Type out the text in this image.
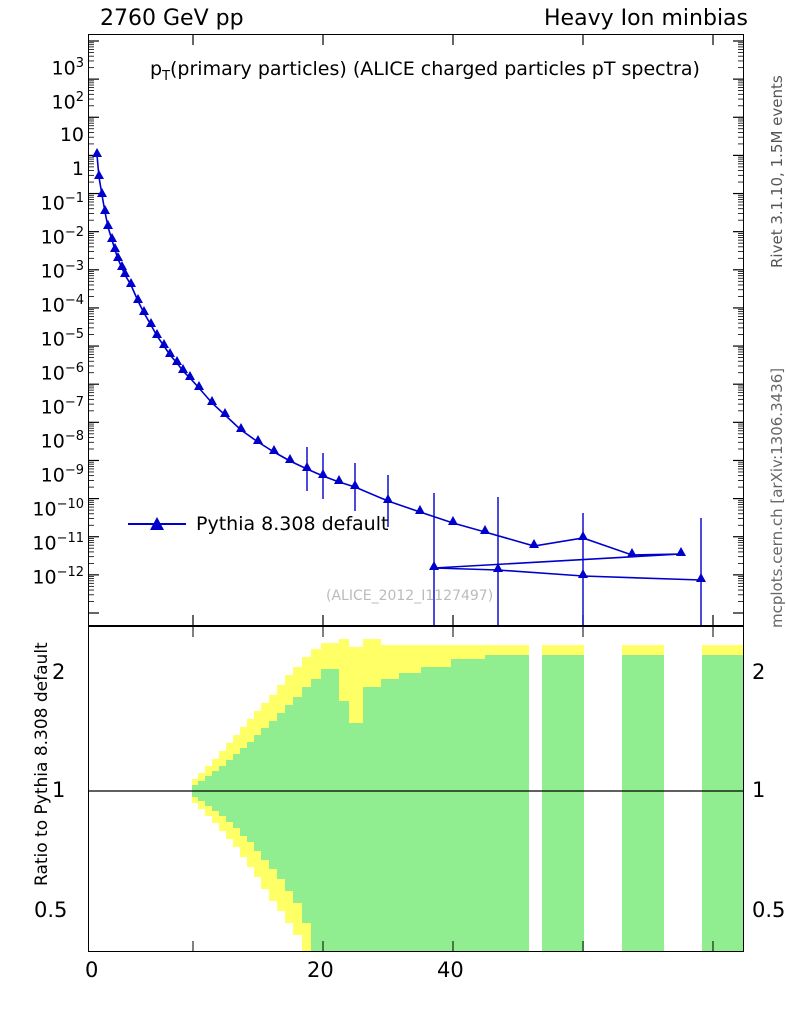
2760 GeV pp	Heavy Ion minbias
Rivet 3.1.10, 1.5M events
mcplots.cern.ch [arXiv:1306.3436]
$10^3$
$10^2$
10
1
$10^{-1}$
$10^{-2}$
$10^{-3}$
$10^{-4}$
$10^{-5}$
$10^{-6}$
$10^{-7}$
$10^{-8}$
$10^{-9}$
$10^{-10}$
$10^{-11}$
$10^{-12}$
$p_T(primary$ particles) (ALICE charged particles pT spectra)
(ALICE_2012_I1127497)
Pythia 8.308 default
Ratio to Pythia 8.308 default 2
1
0.5
2
1
0.5
0	20	40
